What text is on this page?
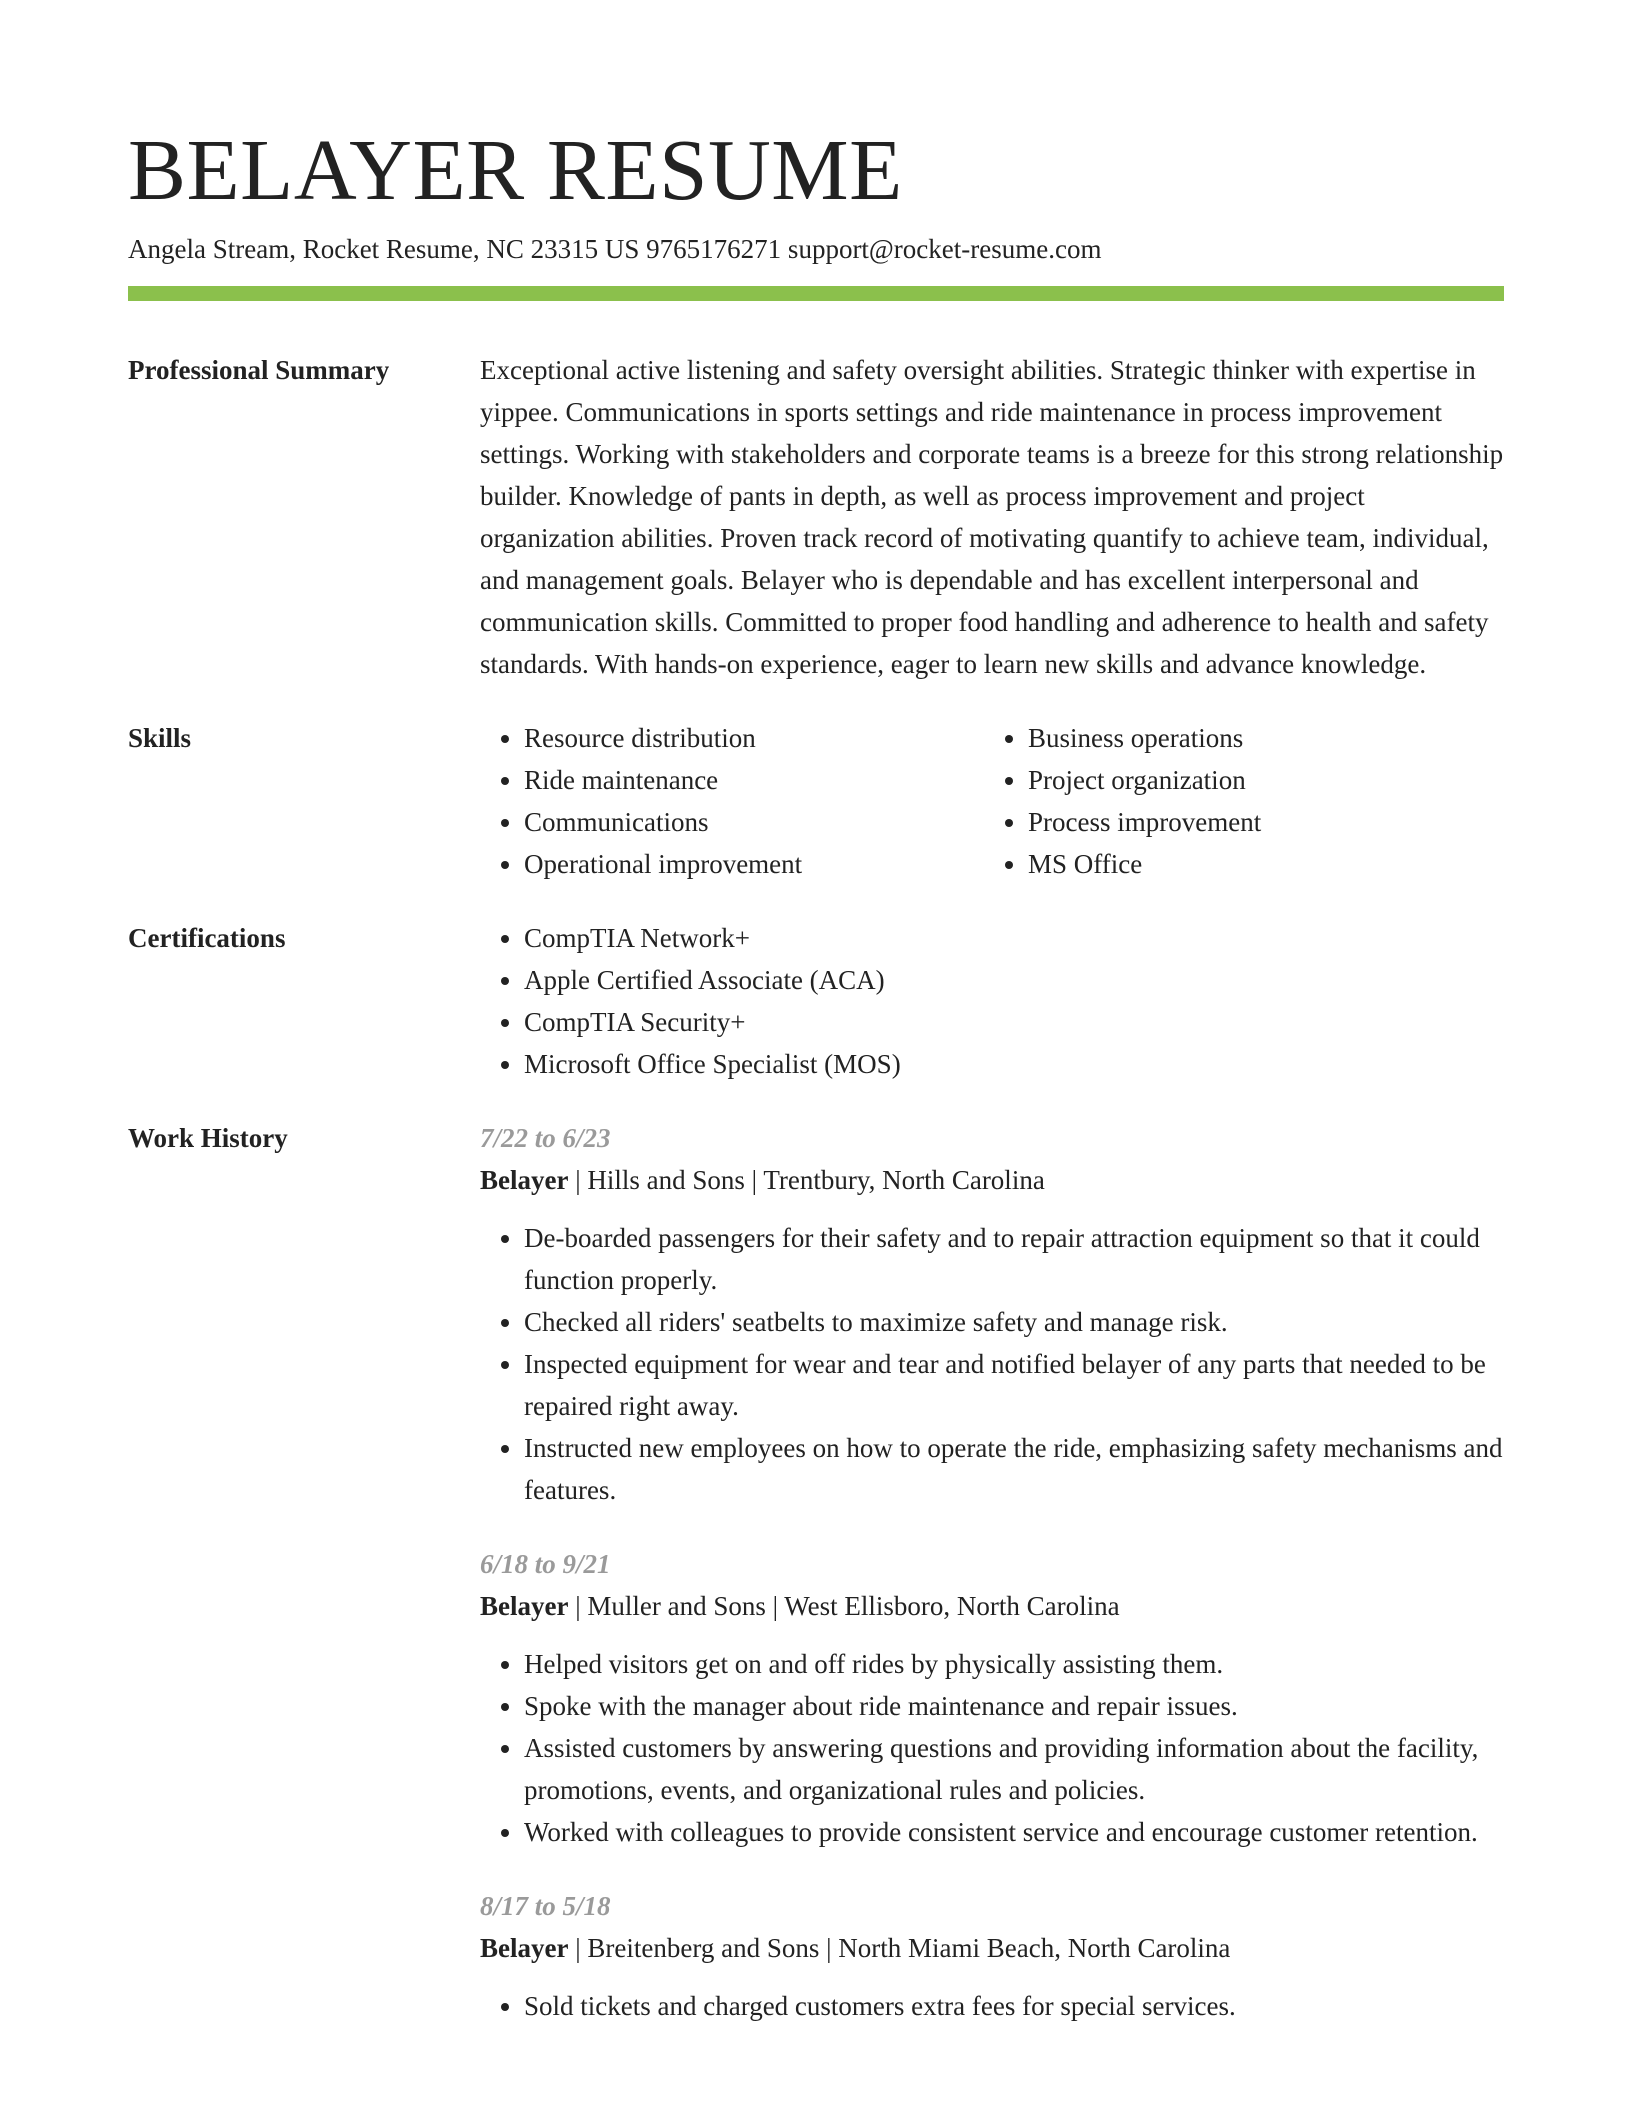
BELAYER RESUME
Angela Stream, Rocket Resume, NC 23315 US 9765176271 support@rocket-resume.com
Professional Summary	Exceptional active listening and safety oversight abilities. Strategic thinker with expertise in yippee. Communications in sports settings and ride maintenance in process improvement settings. Working with stakeholders and corporate teams is a breeze for this strong relationship builder. Knowledge of pants in depth, as well as process improvement and project organization abilities. Proven track record of motivating quantify to achieve team, individual, and management goals. Belayer who is dependable and has excellent interpersonal and communication skills. Committed to proper food handling and adherence to health and safety standards. With hands-on experience, eager to learn new skills and advance knowledge.

Skills	• Resource distribution
• Ride maintenance
• Communications
• Operational improvement
• Business operations
• Project organization
• Process improvement
• MS Office
Certifications	• CompTIA Network+
• Apple Certified Associate (ACA)
• CompTIA Security+
• Microsoft Office Specialist (MOS)
Work History	7/22 to 6/23
Belayer | Hills and Sons | Trentbury, North Carolina
• De-boarded passengers for their safety and to repair attraction equipment so that it could function properly.
• Checked all riders' seatbelts to maximize safety and manage risk.
• Inspected equipment for wear and tear and notified belayer of any parts that needed to be repaired right away.
• Instructed new employees on how to operate the ride, emphasizing safety mechanisms and features.
6/18 to 9/21
Belayer | Muller and Sons | West Ellisboro, North Carolina
• Helped visitors get on and off rides by physically assisting them.
• Spoke with the manager about ride maintenance and repair issues.
• Assisted customers by answering questions and providing information about the facility, promotions, events, and organizational rules and policies.
• Worked with colleagues to provide consistent service and encourage customer retention.
8/17 to 5/18
Belayer | Breitenberg and Sons | North Miami Beach, North Carolina
• Sold tickets and charged customers extra fees for special services.
